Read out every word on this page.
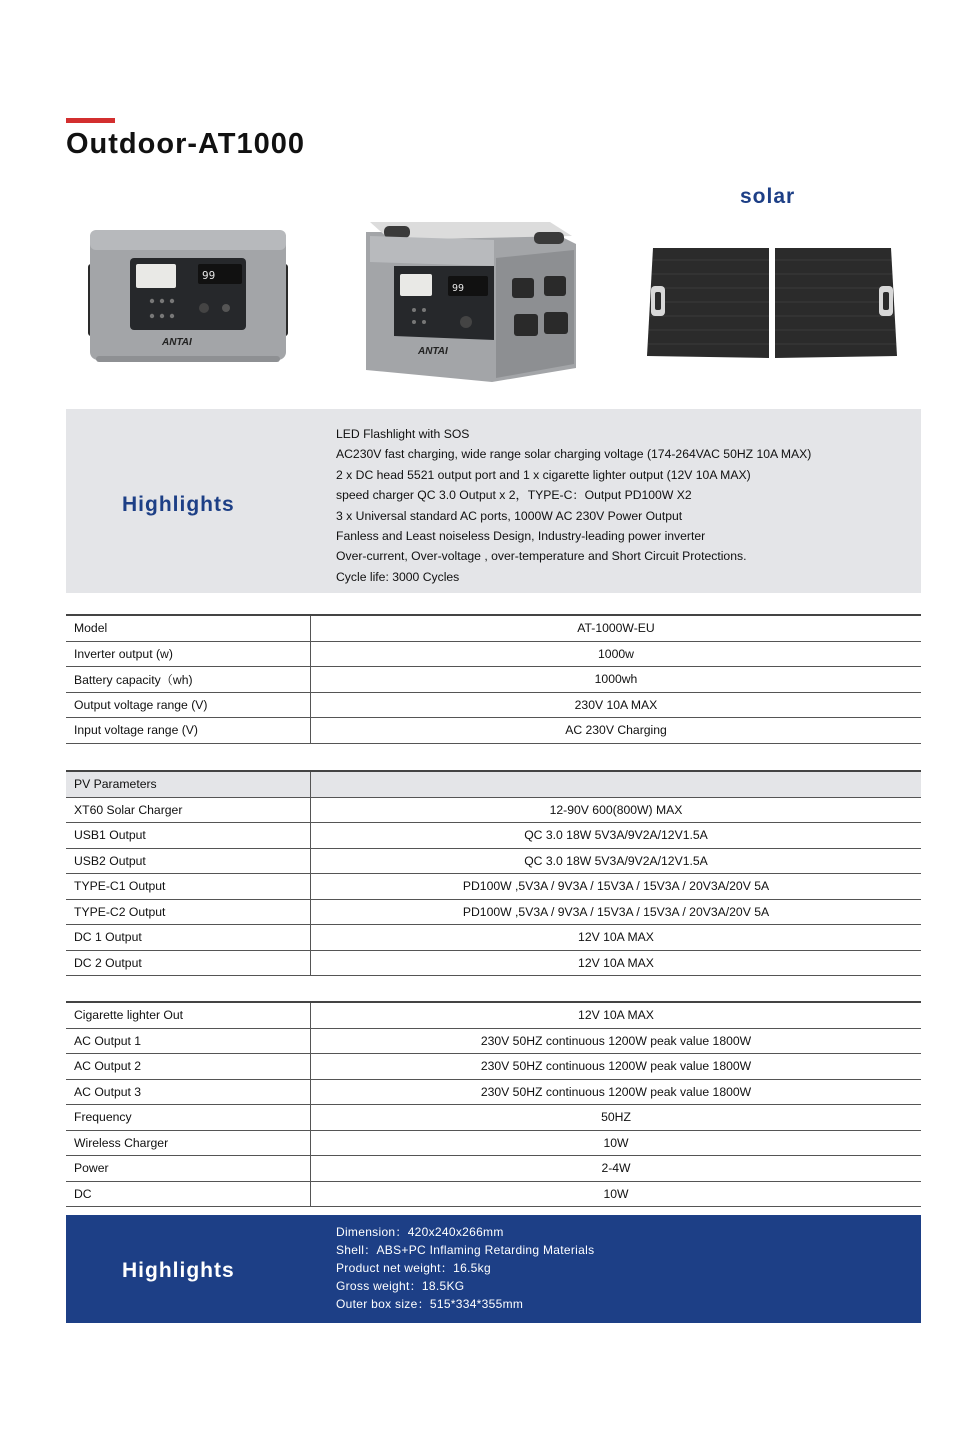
Outdoor-AT1000
solar
99
ANTAI
99
ANTAI
Highlights
LED Flashlight with SOS
AC230V fast charging, wide range solar charging voltage (174-264VAC 50HZ 10A MAX)
2 x DC head 5521 output port and 1 x cigarette lighter output (12V 10A MAX)
speed charger QC 3.0 Output x 2，TYPE-C：Output PD100W X2
3 x Universal standard AC ports, 1000W AC 230V Power Output
Fanless and Least noiseless Design, Industry-leading power inverter
Over-current, Over-voltage , over-temperature and Short Circuit Protections.
Cycle life: 3000 Cycles
Model	AT-1000W-EU
Inverter output (w)	1000w
Battery capacity（wh)	1000wh
Output voltage range (V)	230V 10A MAX
Input voltage range (V)	AC 230V Charging
PV Parameters	
XT60 Solar Charger	12-90V 600(800W) MAX
USB1 Output	QC 3.0 18W 5V3A/9V2A/12V1.5A
USB2 Output	QC 3.0 18W 5V3A/9V2A/12V1.5A
TYPE-C1 Output	PD100W ,5V3A / 9V3A / 15V3A / 15V3A / 20V3A/20V 5A
TYPE-C2 Output	PD100W ,5V3A / 9V3A / 15V3A / 15V3A / 20V3A/20V 5A
DC 1 Output	12V 10A MAX
DC 2 Output	12V 10A MAX
Cigarette lighter Out	12V 10A MAX
AC Output 1	230V 50HZ continuous 1200W peak value 1800W
AC Output 2	230V 50HZ continuous 1200W peak value 1800W
AC Output 3	230V 50HZ continuous 1200W peak value 1800W
Frequency	50HZ
Wireless Charger	10W
Power	2-4W
DC	10W
Highlights
Dimension：420x240x266mm
Shell：ABS+PC Inflaming Retarding Materials
Product net weight：16.5kg
Gross weight：18.5KG
Outer box size：515*334*355mm
